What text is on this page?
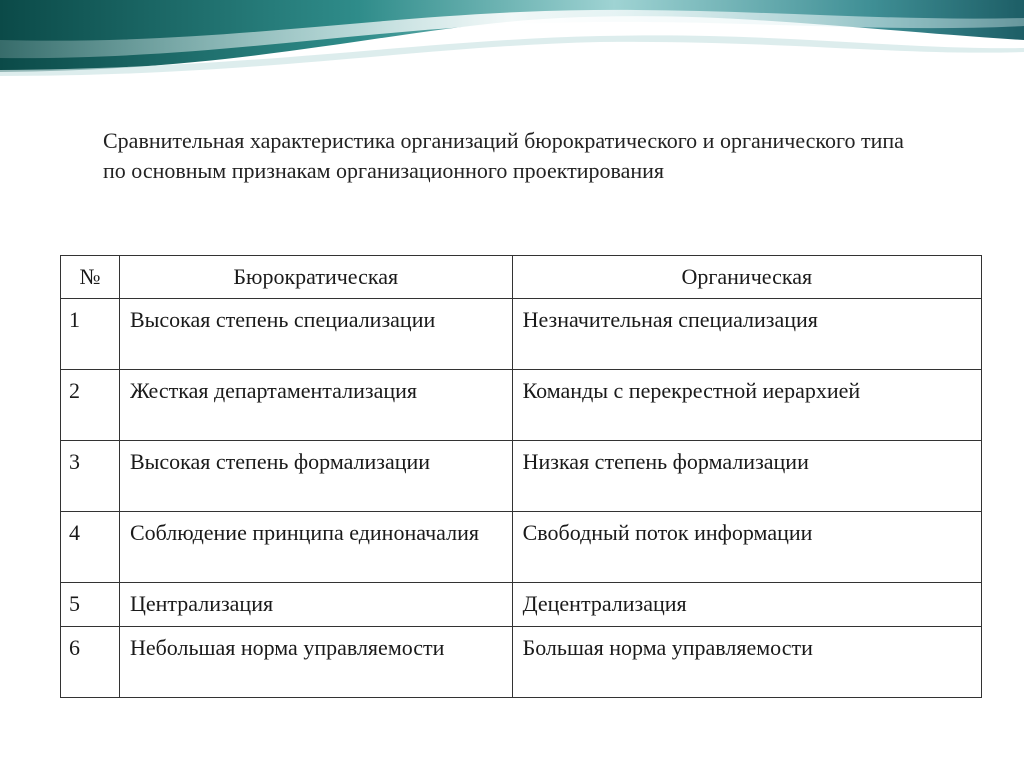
Сравнительная характеристика организаций бюрократического и органического типа по основным признакам организационного проектирования
№	Бюрократическая	Органическая
1	Высокая степень специализации	Незначительная специализация
2	Жесткая департаментализация	Команды с перекрестной иерархией
3	Высокая степень формализации	Низкая степень формализации
4	Соблюдение принципа единоначалия	Свободный поток информации
5	Централизация	Децентрализация
6	Небольшая норма управляемости	Большая норма управляемости
